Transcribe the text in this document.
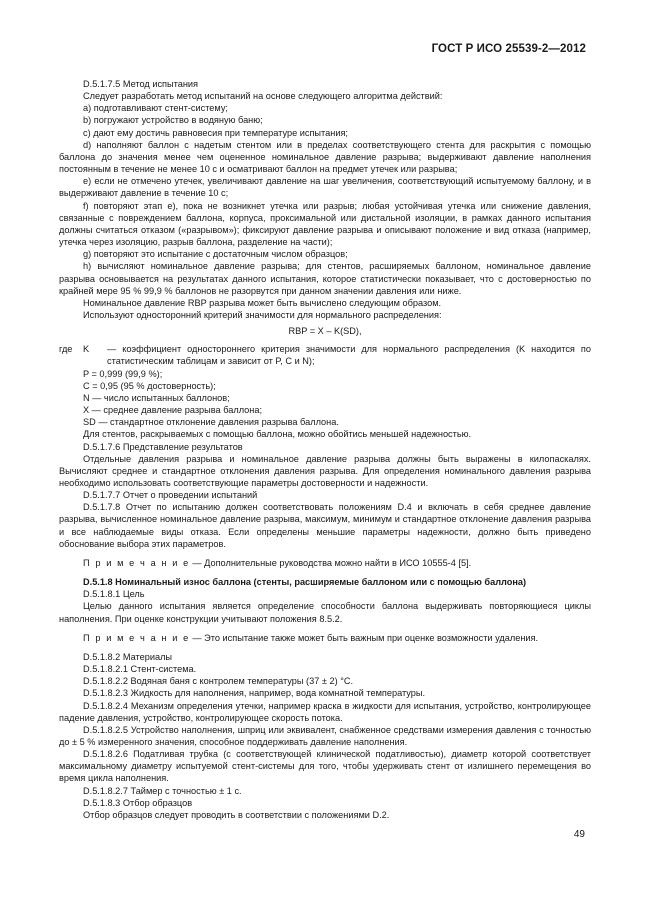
ГОСТ Р ИСО 25539-2—2012

D.5.1.7.5 Метод испытания

Следует разработать метод испытаний на основе следующего алгоритма действий:

a) подготавливают стент-систему;

b) погружают устройство в водяную баню;

c) дают ему достичь равновесия при температуре испытания;

d) наполняют баллон с надетым стентом или в пределах соответствующего стента для раскрытия с помощью баллона до значения менее чем оцененное номинальное давление разрыва; выдерживают давление наполнения постоянным в течение не менее 10 с и осматривают баллон на предмет утечек или разрыва;

e) если не отмечено утечек, увеличивают давление на шаг увеличения, соответствующий испытуемому баллону, и в выдерживают давление в течение 10 с;

f) повторяют этап e), пока не возникнет утечка или разрыв; любая устойчивая утечка или снижение давления, связанные с повреждением баллона, корпуса, проксимальной или дистальной изоляции, в рамках данного испытания должны считаться отказом («разрывом»); фиксируют давление разрыва и описывают положение и вид отказа (например, утечка через изоляцию, разрыв баллона, разделение на части);

g) повторяют это испытание с достаточным числом образцов;

h) вычисляют номинальное давление разрыва; для стентов, расширяемых баллоном, номинальное давление разрыва основывается на результатах данного испытания, которое статистически показывает, что с достоверностью по крайней мере 95 % 99,9 % баллонов не разорвутся при данном значении давления или ниже.

Номинальное давление RBP разрыва может быть вычислено следующим образом.

Используют односторонний критерий значимости для нормального распределения:

RBP = X – K(SD),

где	K	— коэффициент одностороннего критерия значимости для нормального распределения (K находится по статистическим таблицам и зависит от P, C и N);

P = 0,999 (99,9 %);

C = 0,95 (95 % достоверность);

N — число испытанных баллонов;

X — среднее давление разрыва баллона;

SD — стандартное отклонение давления разрыва баллона.

Для стентов, раскрываемых с помощью баллона, можно обойтись меньшей надежностью.

D.5.1.7.6 Представление результатов

Отдельные давления разрыва и номинальное давление разрыва должны быть выражены в килопаскалях. Вычисляют среднее и стандартное отклонения давления разрыва. Для определения номинального давления разрыва необходимо использовать соответствующие параметры достоверности и надежности.

D.5.1.7.7 Отчет о проведении испытаний

D.5.1.7.8 Отчет по испытанию должен соответствовать положениям D.4 и включать в себя среднее давление разрыва, вычисленное номинальное давление разрыва, максимум, минимум и стандартное отклонение давления разрыва и все наблюдаемые виды отказа. Если определены меньшие параметры надежности, должно быть приведено обоснование выбора этих параметров.

П р и м е ч а н и е — Дополнительные руководства можно найти в ИСО 10555-4 [5].

D.5.1.8 Номинальный износ баллона (стенты, расширяемые баллоном или с помощью баллона)

D.5.1.8.1 Цель

Целью данного испытания является определение способности баллона выдерживать повторяющиеся циклы наполнения. При оценке конструкции учитывают положения 8.5.2.

П р и м е ч а н и е — Это испытание также может быть важным при оценке возможности удаления.

D.5.1.8.2 Материалы

D.5.1.8.2.1 Стент-система.

D.5.1.8.2.2 Водяная баня с контролем температуры (37 ± 2) °С.

D.5.1.8.2.3 Жидкость для наполнения, например, вода комнатной температуры.

D.5.1.8.2.4 Механизм определения утечки, например краска в жидкости для испытания, устройство, контролирующее падение давления, устройство, контролирующее скорость потока.

D.5.1.8.2.5 Устройство наполнения, шприц или эквивалент, снабженное средствами измерения давления с точностью до ± 5 % измеренного значения, способное поддерживать давление наполнения.

D.5.1.8.2.6 Податливая трубка (с соответствующей клинической податливостью), диаметр которой соответствует максимальному диаметру испытуемой стент-системы для того, чтобы удерживать стент от излишнего перемещения во время цикла наполнения.

D.5.1.8.2.7 Таймер с точностью ± 1 с.

D.5.1.8.3 Отбор образцов

Отбор образцов следует проводить в соответствии с положениями D.2.

49
